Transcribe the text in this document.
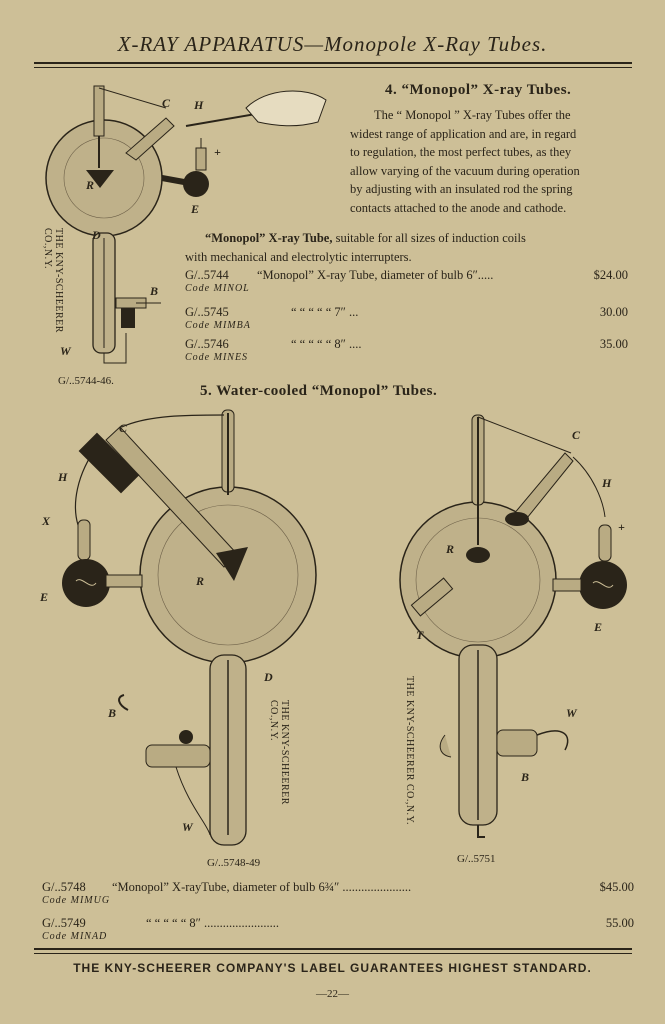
X-RAY APPARATUS—Monopole X-Ray Tubes.
C H
+
R
E
D
B
W
THE KNY-SCHEERER CO.,N.Y.
G/..5744-46.
4. “Monopol” X-ray Tubes.
The “ Monopol ” X-ray Tubes offer the
widest range of application and are, in regard
to regulation, the most perfect tubes, as they
allow varying of the vacuum during operation
by adjusting with an insulated rod the spring
contacts attached to the anode and cathode.
“Monopol” X-ray Tube, suitable for all sizes of induction coils
with mechanical and electrolytic interrupters.
G/..5744	“Monopol” X-ray Tube, diameter of bulb 6″.....	$24.00
Code MINOL
G/..5745	“ “ “ “ “ 7″ ...	30.00
Code MIMBA
G/..5746	“ “ “ “ “ 8″ ....	35.00
Code MINES
5. Water-cooled “Monopol” Tubes.
C
H
X
E
R
D
B
W
THE KNY-SCHEERER CO.,N.Y.
G/..5748-49
C
H
+
R
E
T
W
B
THE KNY-SCHEERER CO.,N.Y.
G/..5751
G/..5748	“Monopol” X-rayTube, diameter of bulb 6¾″ ......................	$45.00
Code MIMUG
G/..5749	“ “ “ “ “ 8″ ........................	55.00
Code MINAD
THE KNY-SCHEERER COMPANY'S LABEL GUARANTEES HIGHEST STANDARD.
—22—
